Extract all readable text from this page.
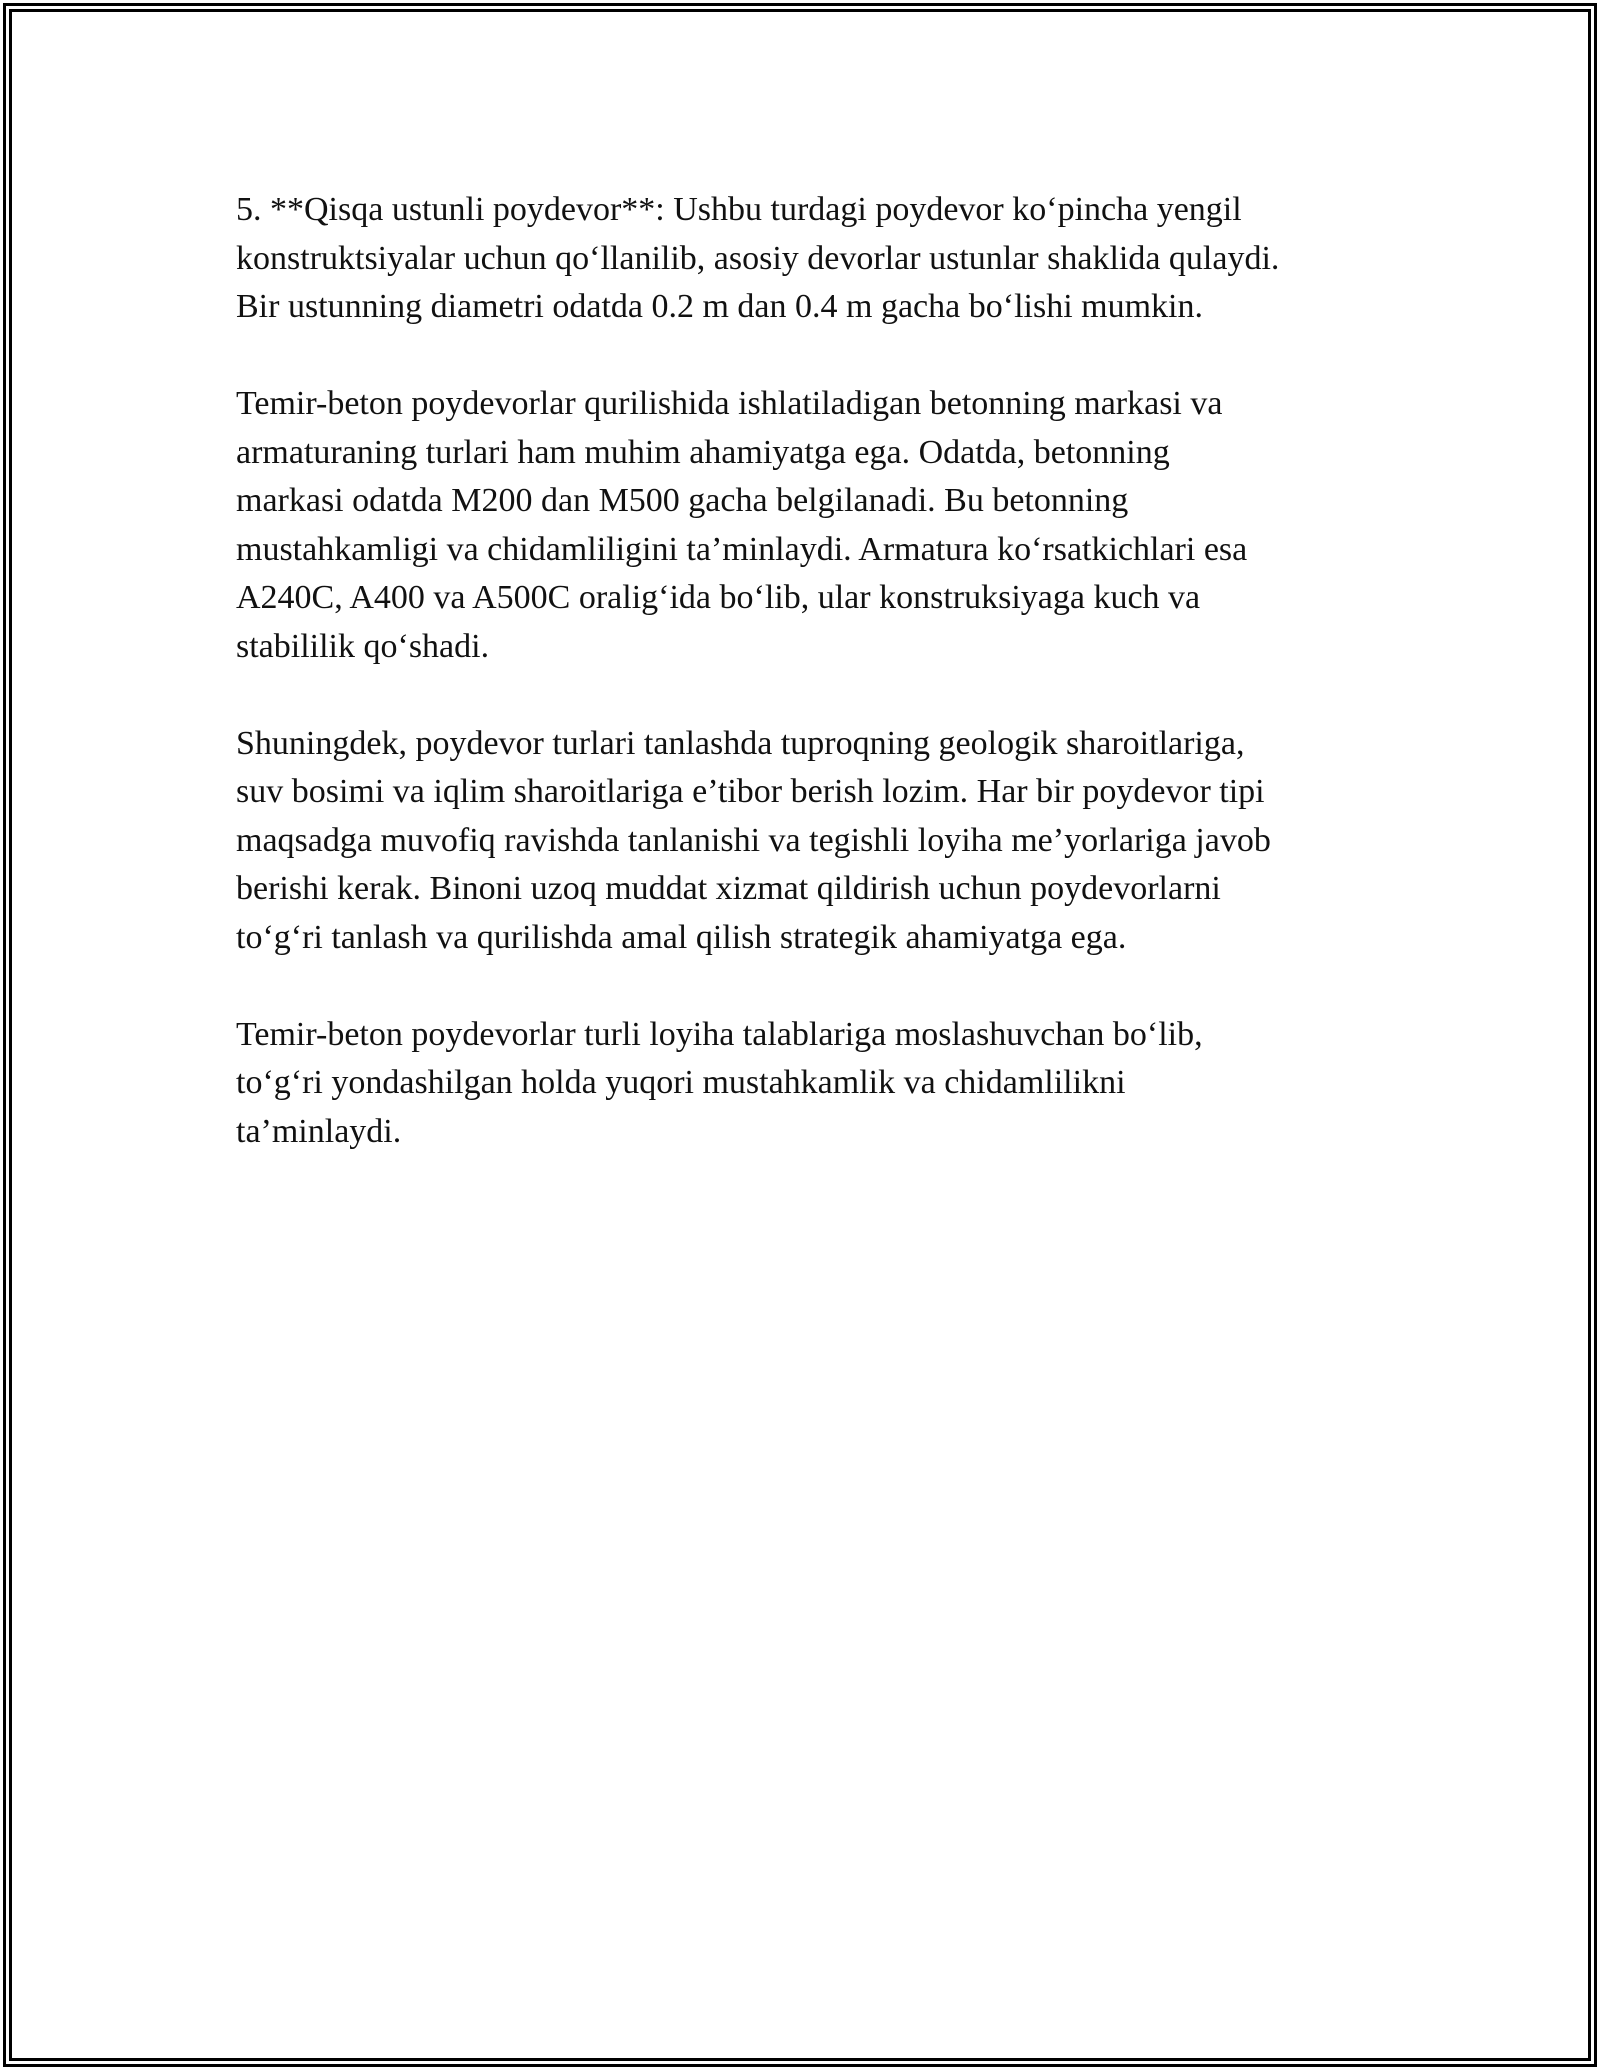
5. **Qisqa ustunli poydevor**: Ushbu turdagi poydevor ko‘pincha yengil
konstruktsiyalar uchun qo‘llanilib, asosiy devorlar ustunlar shaklida qulaydi.
Bir ustunning diametri odatda 0.2 m dan 0.4 m gacha bo‘lishi mumkin.

Temir-beton poydevorlar qurilishida ishlatiladigan betonning markasi va
armaturaning turlari ham muhim ahamiyatga ega. Odatda, betonning
markasi odatda M200 dan M500 gacha belgilanadi. Bu betonning
mustahkamligi va chidamliligini ta’minlaydi. Armatura ko‘rsatkichlari esa
A240C, A400 va A500C oralig‘ida bo‘lib, ular konstruksiyaga kuch va
stabililik qo‘shadi.

Shuningdek, poydevor turlari tanlashda tuproqning geologik sharoitlariga,
suv bosimi va iqlim sharoitlariga e’tibor berish lozim. Har bir poydevor tipi
maqsadga muvofiq ravishda tanlanishi va tegishli loyiha me’yorlariga javob
berishi kerak. Binoni uzoq muddat xizmat qildirish uchun poydevorlarni
to‘g‘ri tanlash va qurilishda amal qilish strategik ahamiyatga ega.

Temir-beton poydevorlar turli loyiha talablariga moslashuvchan bo‘lib,
to‘g‘ri yondashilgan holda yuqori mustahkamlik va chidamlilikni
ta’minlaydi.
